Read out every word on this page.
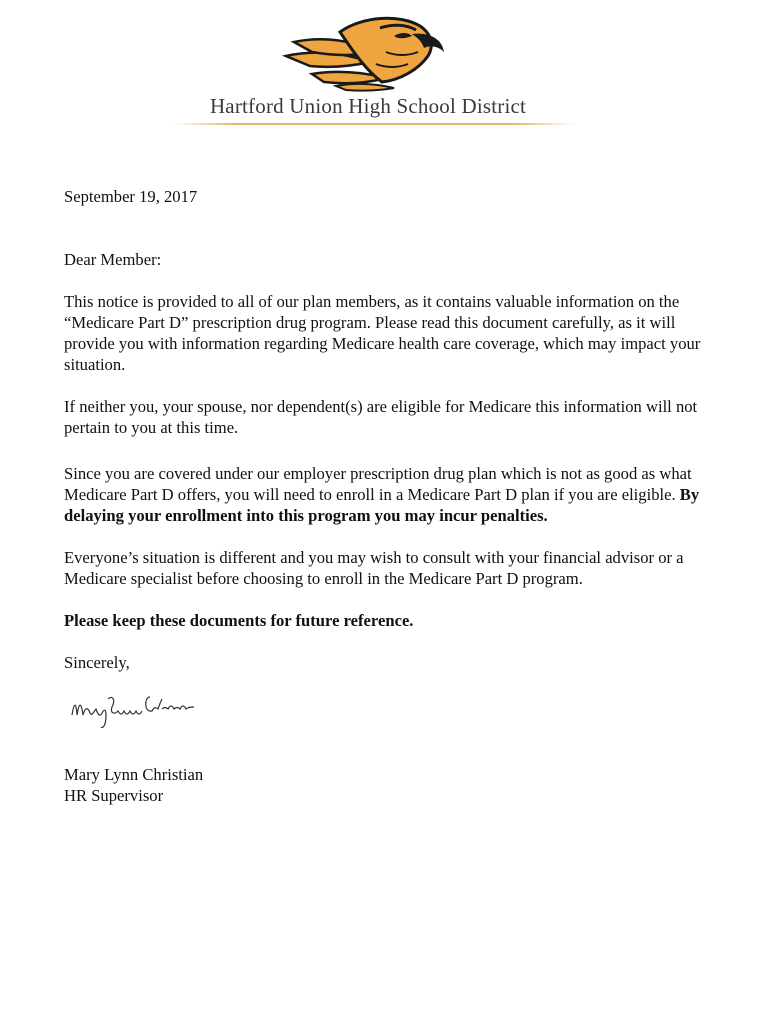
Hartford Union High School District

September 19, 2017

Dear Member:

This notice is provided to all of our plan members, as it contains valuable information on the “Medicare Part D” prescription drug program. Please read this document carefully, as it will provide you with information regarding Medicare health care coverage, which may impact your situation.

If neither you, your spouse, nor dependent(s) are eligible for Medicare this information will not pertain to you at this time.

Since you are covered under our employer prescription drug plan which is not as good as what Medicare Part D offers, you will need to enroll in a Medicare Part D plan if you are eligible. By delaying your enrollment into this program you may incur penalties.

Everyone’s situation is different and you may wish to consult with your financial advisor or a Medicare specialist before choosing to enroll in the Medicare Part D program.

Please keep these documents for future reference.

Sincerely,

Mary Lynn Christian

HR Supervisor
